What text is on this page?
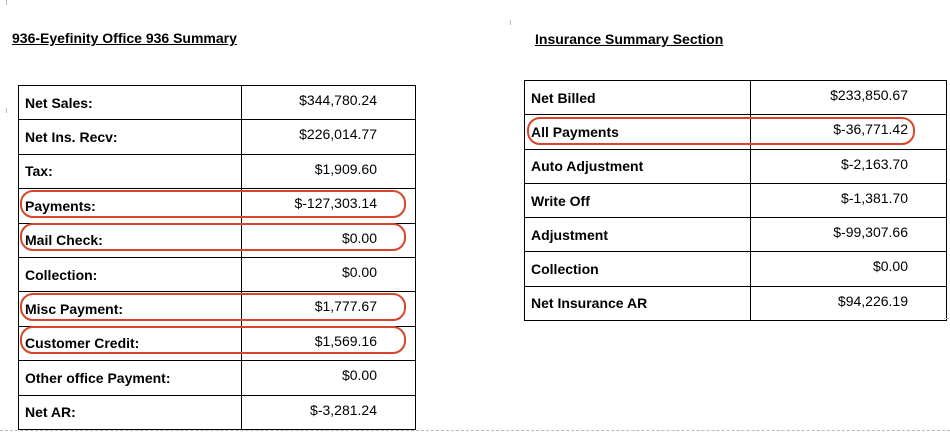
936-Eyefinity Office 936 Summary	Insurance Summary Section
Net Sales:	$344,780.24
Net Ins. Recv:	$226,014.77
Tax:	$1,909.60
Payments:	$-127,303.14
Mail Check:	$0.00
Collection:	$0.00
Misc Payment:	$1,777.67
Customer Credit:	$1,569.16
Other office Payment:	$0.00
Net AR:	$-3,281.24
Net Billed	$233,850.67
All Payments	$-36,771.42
Auto Adjustment	$-2,163.70
Write Off	$-1,381.70
Adjustment	$-99,307.66
Collection	$0.00
Net Insurance AR	$94,226.19
